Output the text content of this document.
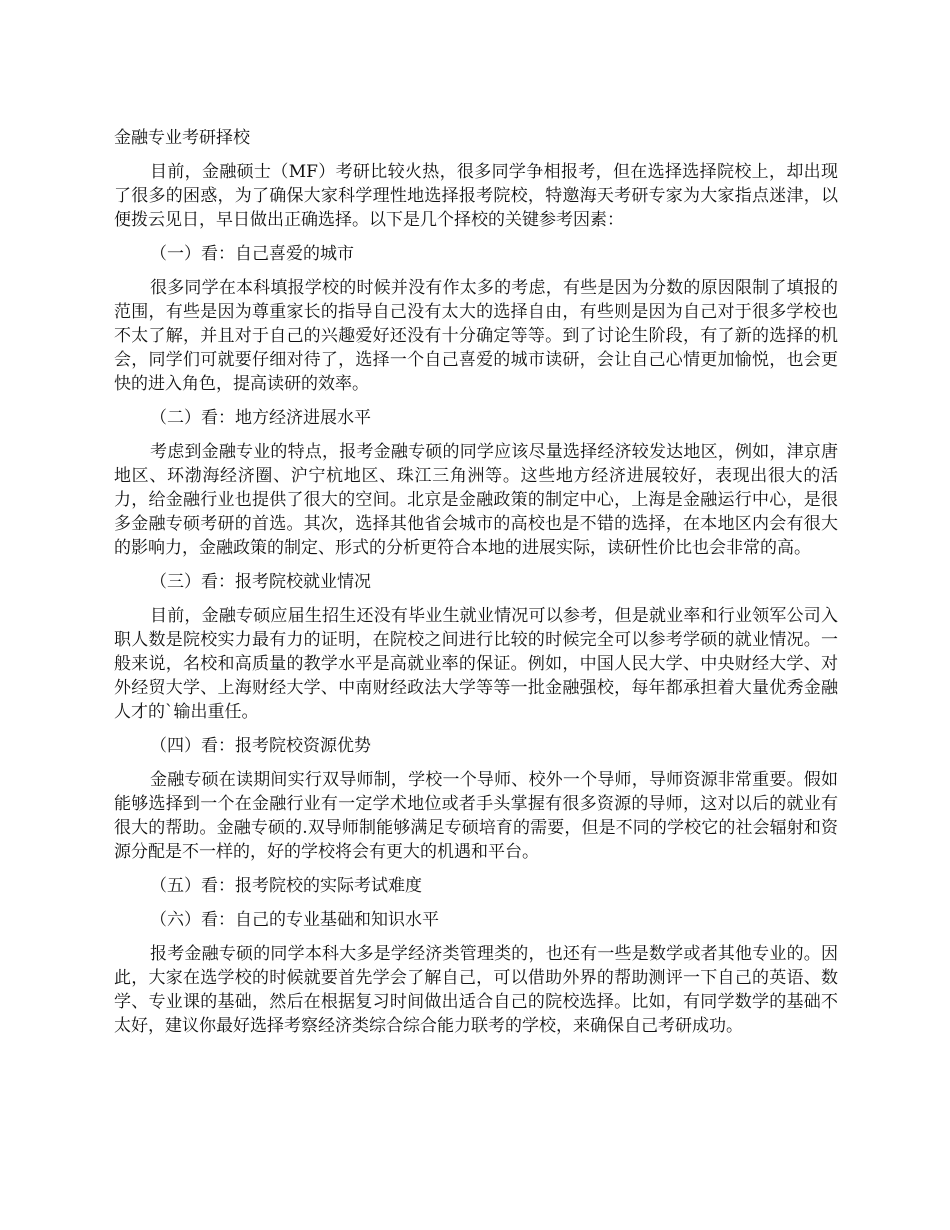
金融专业考研择校

目前，金融硕士（MF）考研比较火热，很多同学争相报考，但在选择选择院校上，却出现了很多的困惑，为了确保大家科学理性地选择报考院校，特邀海天考研专家为大家指点迷津，以便拨云见日，早日做出正确选择。以下是几个择校的关键参考因素：

（一）看：自己喜爱的城市

很多同学在本科填报学校的时候并没有作太多的考虑，有些是因为分数的原因限制了填报的范围，有些是因为尊重家长的指导自己没有太大的选择自由，有些则是因为自己对于很多学校也不太了解，并且对于自己的兴趣爱好还没有十分确定等等。到了讨论生阶段，有了新的选择的机会，同学们可就要仔细对待了，选择一个自己喜爱的城市读研，会让自己心情更加愉悦，也会更快的进入角色，提高读研的效率。

（二）看：地方经济进展水平

考虑到金融专业的特点，报考金融专硕的同学应该尽量选择经济较发达地区，例如，津京唐地区、环渤海经济圈、沪宁杭地区、珠江三角洲等。这些地方经济进展较好，表现出很大的活力，给金融行业也提供了很大的空间。北京是金融政策的制定中心，上海是金融运行中心，是很多金融专硕考研的首选。其次，选择其他省会城市的高校也是不错的选择，在本地区内会有很大的影响力，金融政策的制定、形式的分析更符合本地的进展实际，读研性价比也会非常的高。

（三）看：报考院校就业情况

目前，金融专硕应届生招生还没有毕业生就业情况可以参考，但是就业率和行业领军公司入职人数是院校实力最有力的证明，在院校之间进行比较的时候完全可以参考学硕的就业情况。一般来说，名校和高质量的教学水平是高就业率的保证。例如，中国人民大学、中央财经大学、对外经贸大学、上海财经大学、中南财经政法大学等等一批金融强校，每年都承担着大量优秀金融人才的`输出重任。

（四）看：报考院校资源优势

金融专硕在读期间实行双导师制，学校一个导师、校外一个导师，导师资源非常重要。假如能够选择到一个在金融行业有一定学术地位或者手头掌握有很多资源的导师，这对以后的就业有很大的帮助。金融专硕的.双导师制能够满足专硕培育的需要，但是不同的学校它的社会辐射和资源分配是不一样的，好的学校将会有更大的机遇和平台。

（五）看：报考院校的实际考试难度

（六）看：自己的专业基础和知识水平

报考金融专硕的同学本科大多是学经济类管理类的，也还有一些是数学或者其他专业的。因此，大家在选学校的时候就要首先学会了解自己，可以借助外界的帮助测评一下自己的英语、数学、专业课的基础，然后在根据复习时间做出适合自己的院校选择。比如，有同学数学的基础不太好，建议你最好选择考察经济类综合综合能力联考的学校，来确保自己考研成功。
